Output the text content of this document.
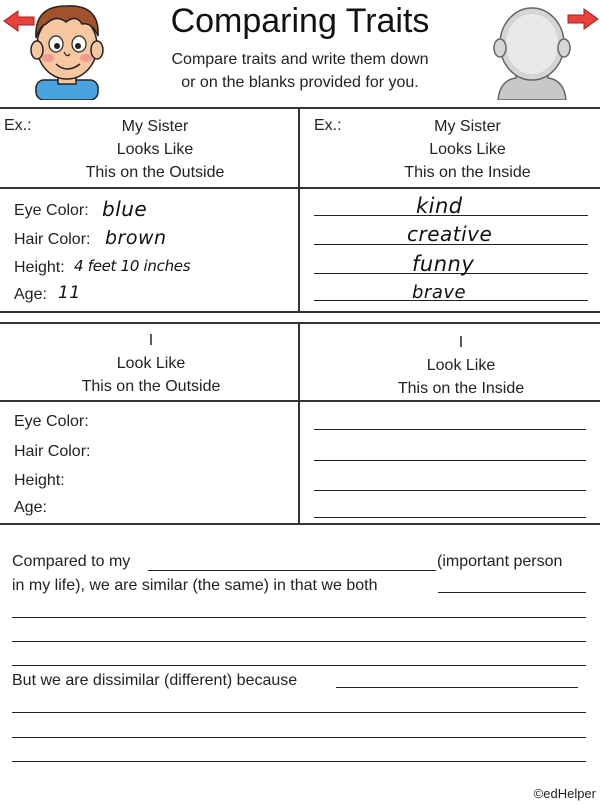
Comparing Traits
Compare traits and write them down
or on the blanks provided for you.
Ex.:	My Sister
Looks Like
This on the Outside
Ex.:	My Sister
Looks Like
This on the Inside
Eye Color: blue
Hair Color: brown
Height: 4 feet 10 inches
Age: 11
kind
creative
funny
brave
I
Look Like
This on the Outside
I
Look Like
This on the Inside
Eye Color:
Hair Color:
Height:
Age:
Compared to my	(important person
in my life), we are similar (the same) in that we both
But we are dissimilar (different) because
©edHelper
